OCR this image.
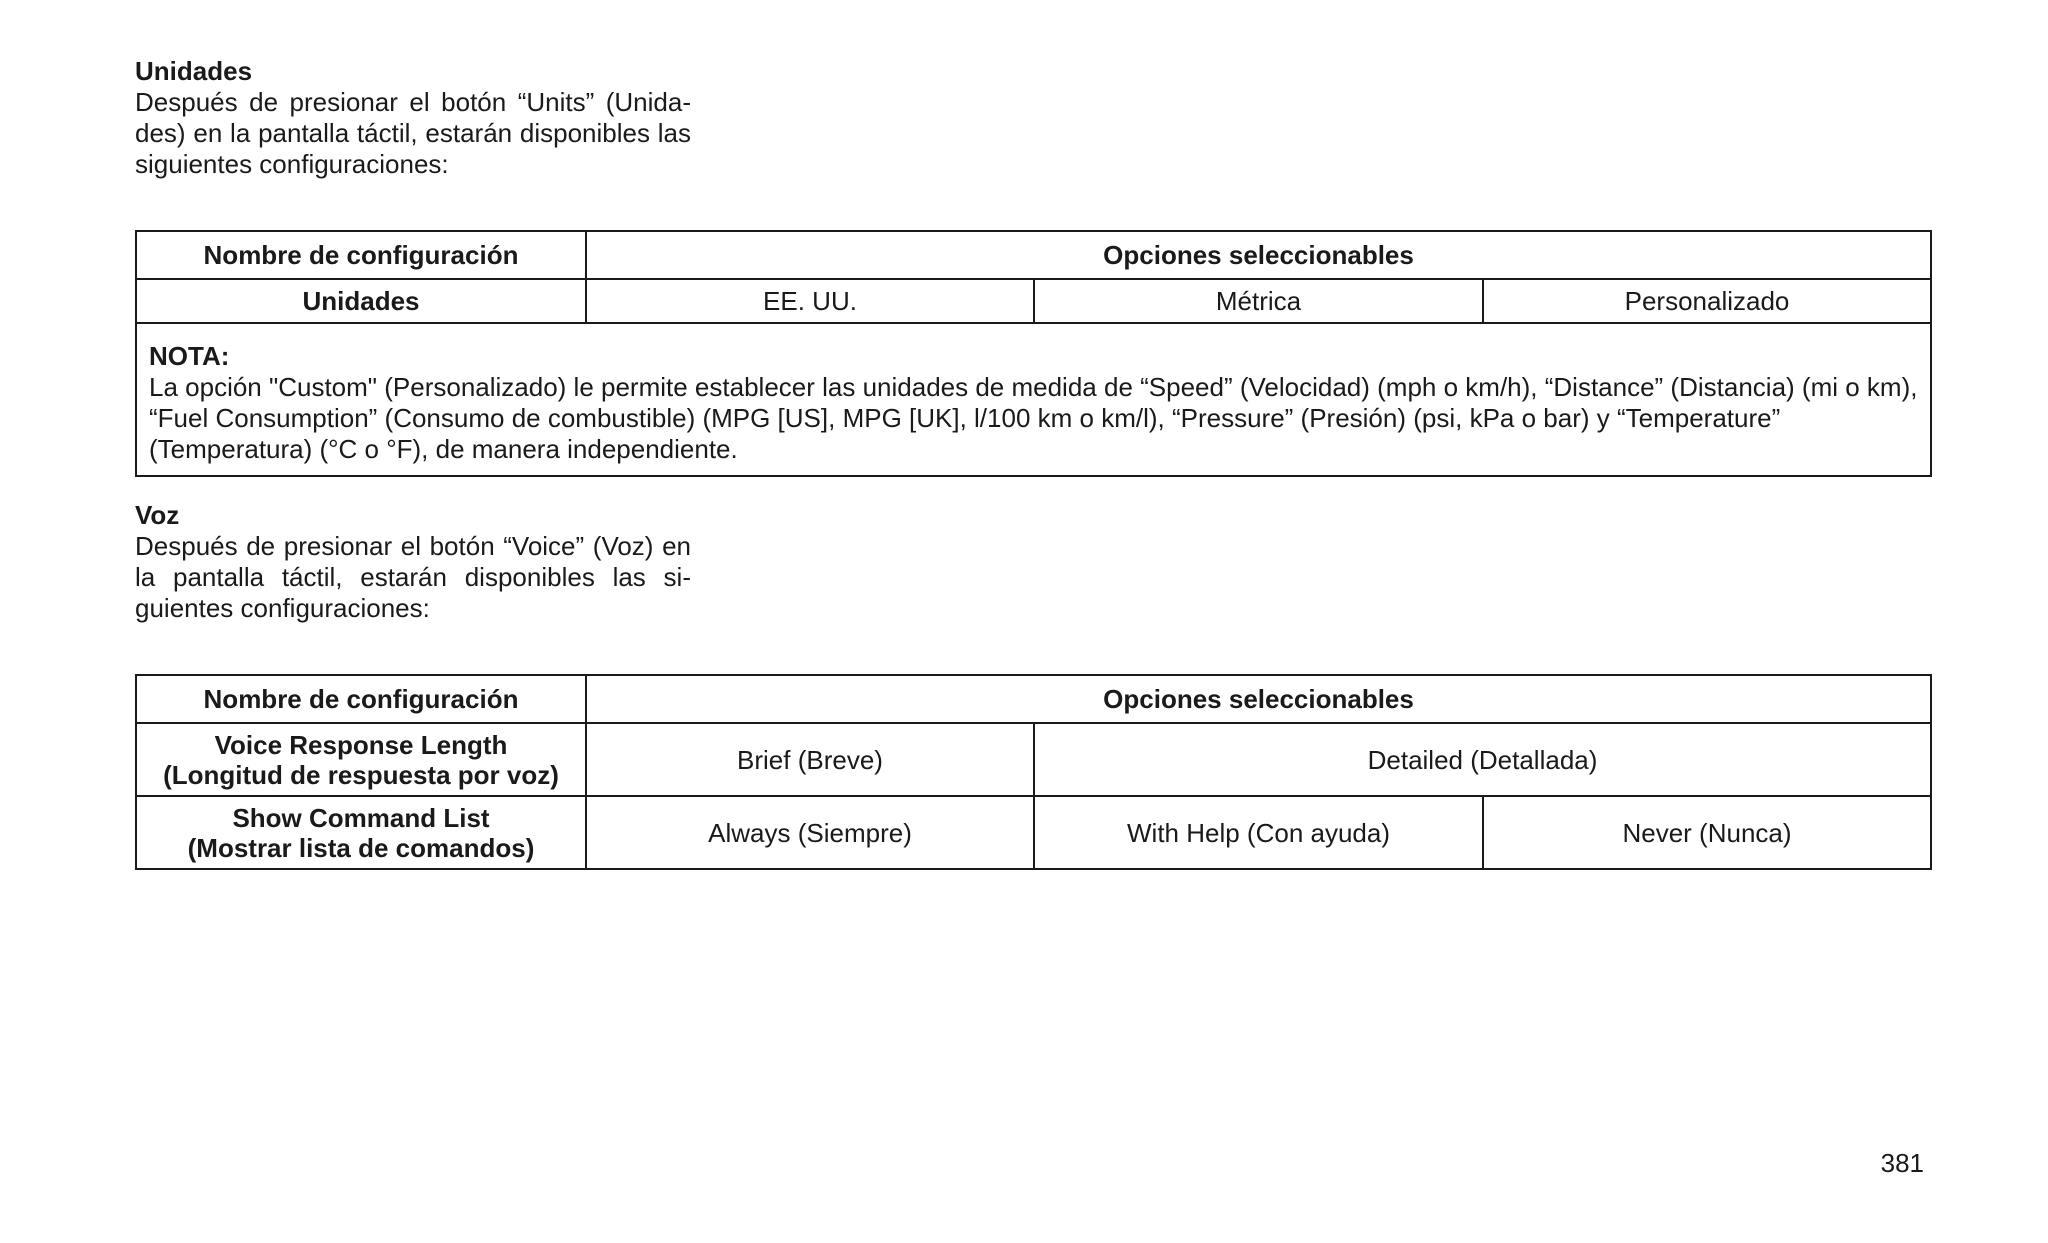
Unidades

Después de presionar el botón “Units” (Unida-des) en la pantalla táctil, estarán disponibles las siguientes configuraciones:

Nombre de configuración	Opciones seleccionables		
Unidades	EE. UU.	Métrica	Personalizado

NOTA:
La opción "Custom" (Personalizado) le permite establecer las unidades de medida de “Speed” (Velocidad) (mph o km/h), “Distance” (Distancia) (mi o km), “Fuel Consumption” (Consumo de combustible) (MPG [US], MPG [UK], l/100 km o km/l), “Pressure” (Presión) (psi, kPa o bar) y “Temperature” (Temperatura) (°C o °F), de manera independiente.			

Voz

Después de presionar el botón “Voice” (Voz) en la pantalla táctil, estarán disponibles las si-guientes configuraciones:

Nombre de configuración	Opciones seleccionables		

Voice Response Length
(Longitud de respuesta por voz)	Brief (Breve)	Detailed (Detallada)	

Show Command List
(Mostrar lista de comandos)	Always (Siempre)	With Help (Con ayuda)	Never (Nunca)
381
